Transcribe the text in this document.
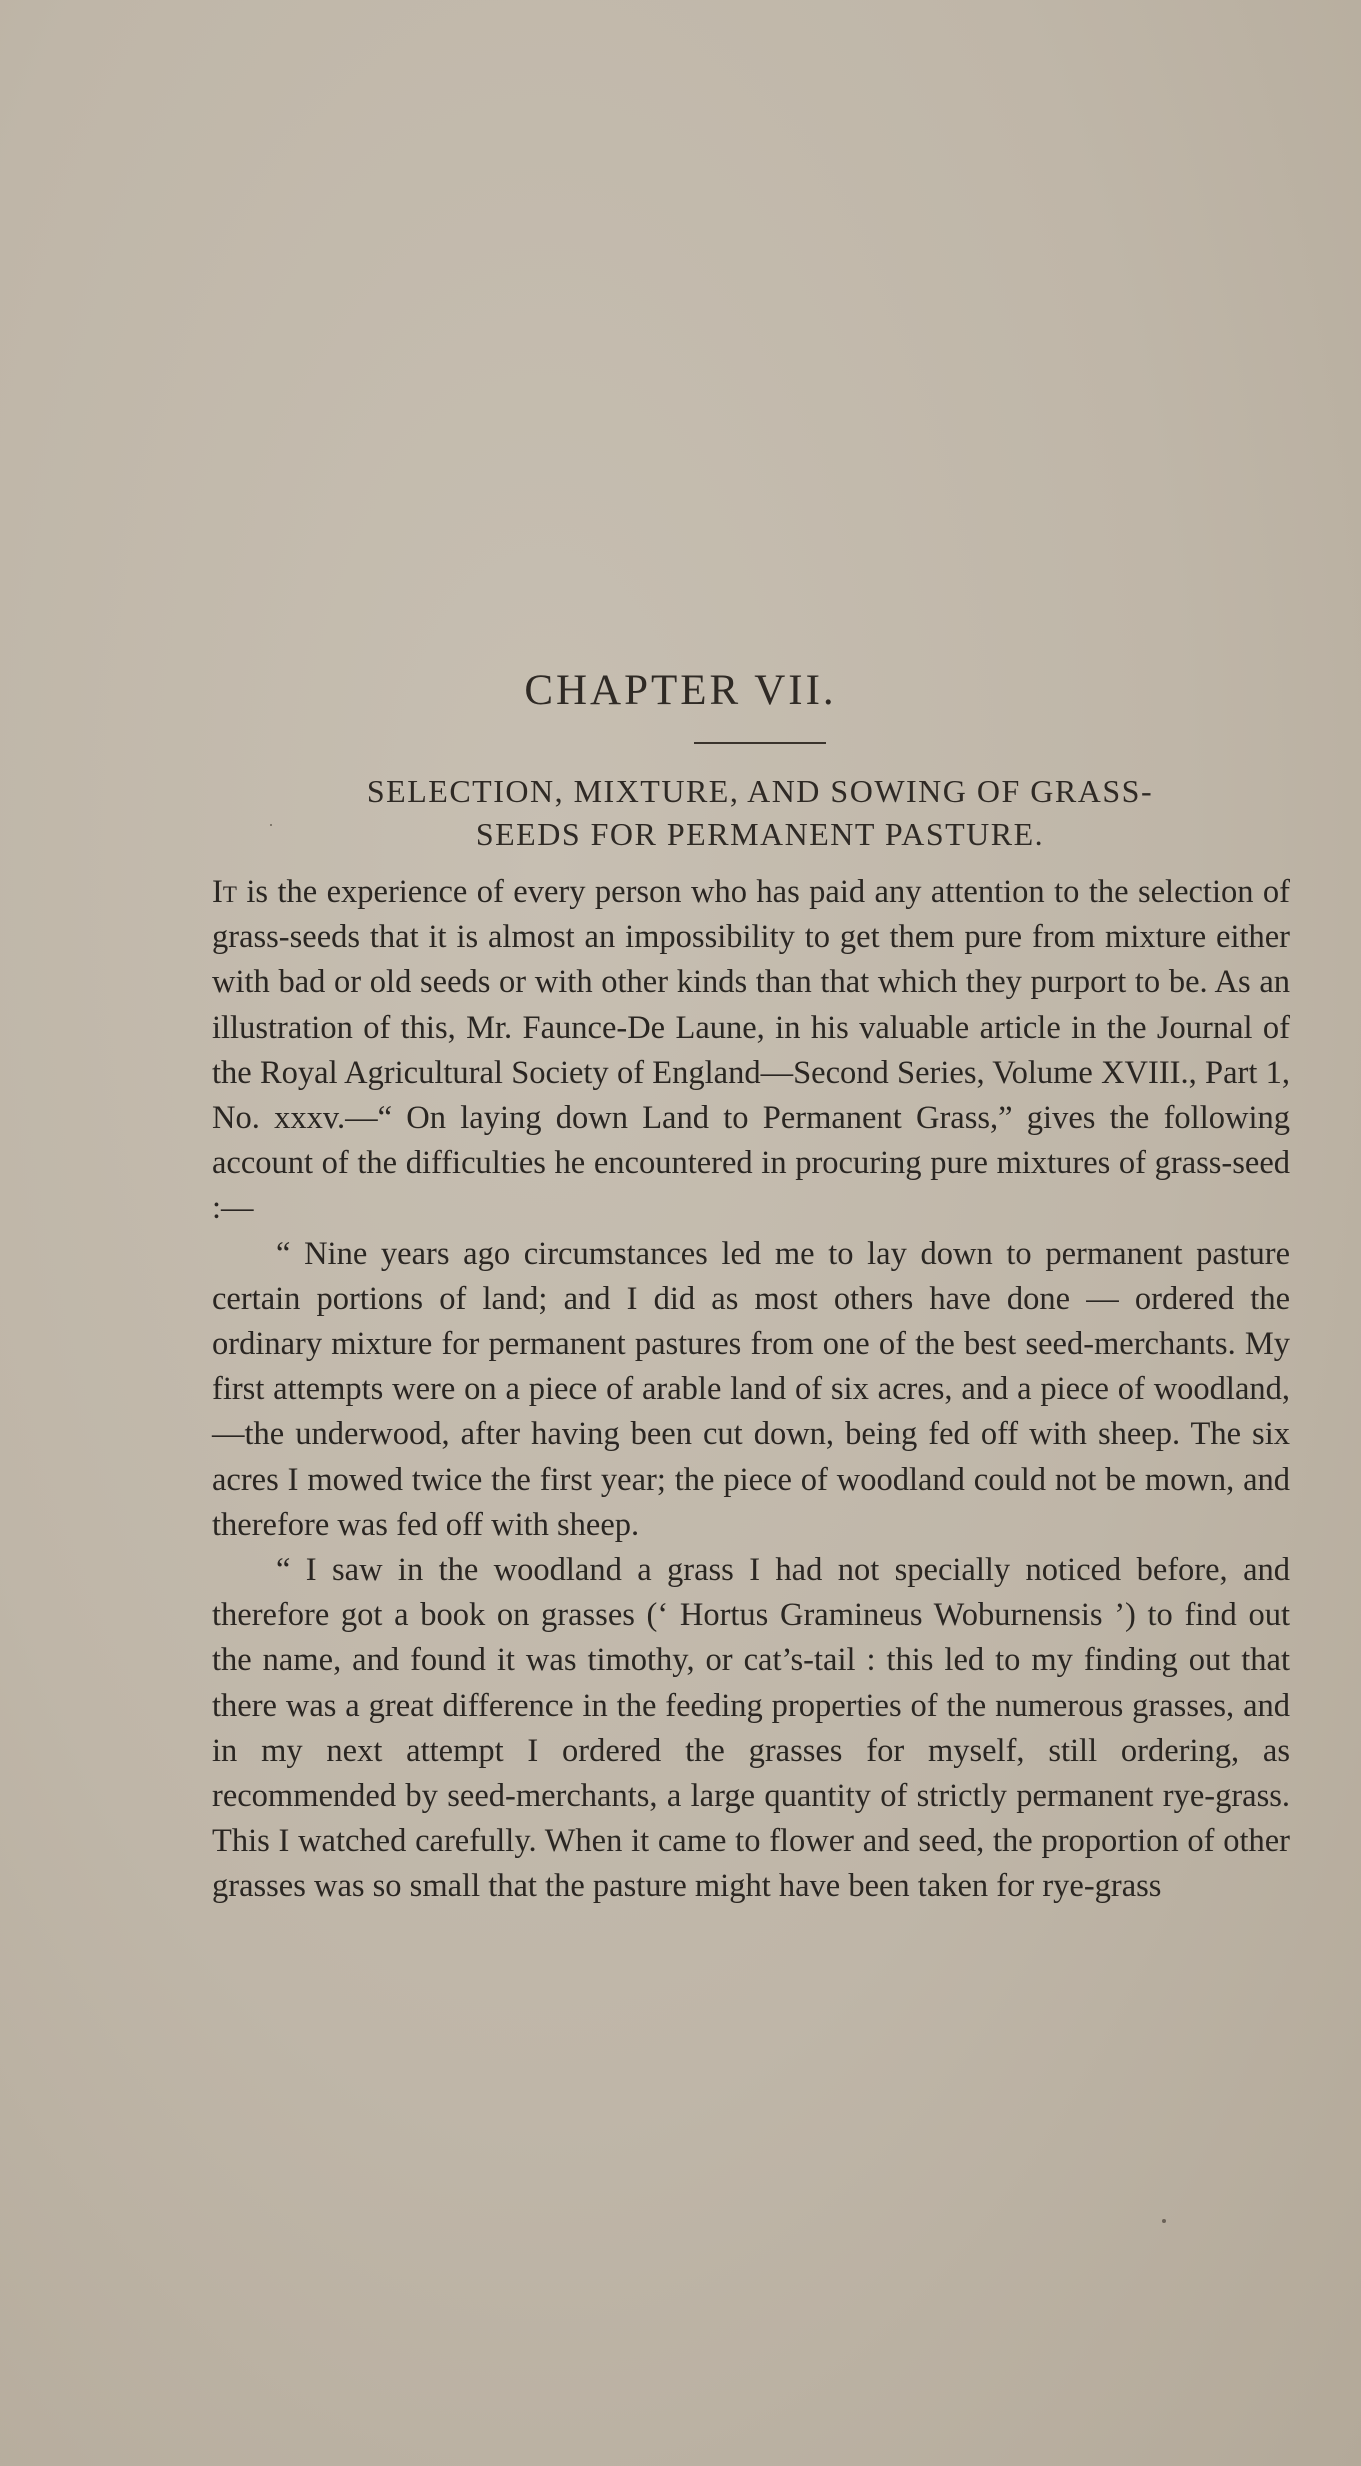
CHAPTER VII.
SELECTION, MIXTURE, AND SOWING OF GRASS-
SEEDS FOR PERMANENT PASTURE.

It is the experience of every person who has paid any attention to the selection of grass-seeds that it is almost an impossibility to get them pure from mixture either with bad or old seeds or with other kinds than that which they purport to be. As an illustration of this, Mr. Faunce-De Laune, in his valuable article in the Journal of the Royal Agricultural Society of England—Second Series, Volume XVIII., Part 1, No. xxxv.—“ On laying down Land to Permanent Grass,” gives the following account of the difficulties he encountered in procuring pure mixtures of grass-seed :—

“ Nine years ago circumstances led me to lay down to permanent pasture certain portions of land; and I did as most others have done — ordered the ordinary mixture for permanent pastures from one of the best seed-merchants. My first attempts were on a piece of arable land of six acres, and a piece of woodland, —the underwood, after having been cut down, being fed off with sheep. The six acres I mowed twice the first year; the piece of woodland could not be mown, and therefore was fed off with sheep.

“ I saw in the woodland a grass I had not specially noticed before, and therefore got a book on grasses (‘ Hortus Gramineus Woburnensis ’) to find out the name, and found it was timothy, or cat’s-tail : this led to my finding out that there was a great difference in the feeding properties of the numerous grasses, and in my next attempt I ordered the grasses for myself, still ordering, as recommended by seed-merchants, a large quantity of strictly permanent rye-grass. This I watched carefully. When it came to flower and seed, the proportion of other grasses was so small that the pasture might have been taken for rye-grass
